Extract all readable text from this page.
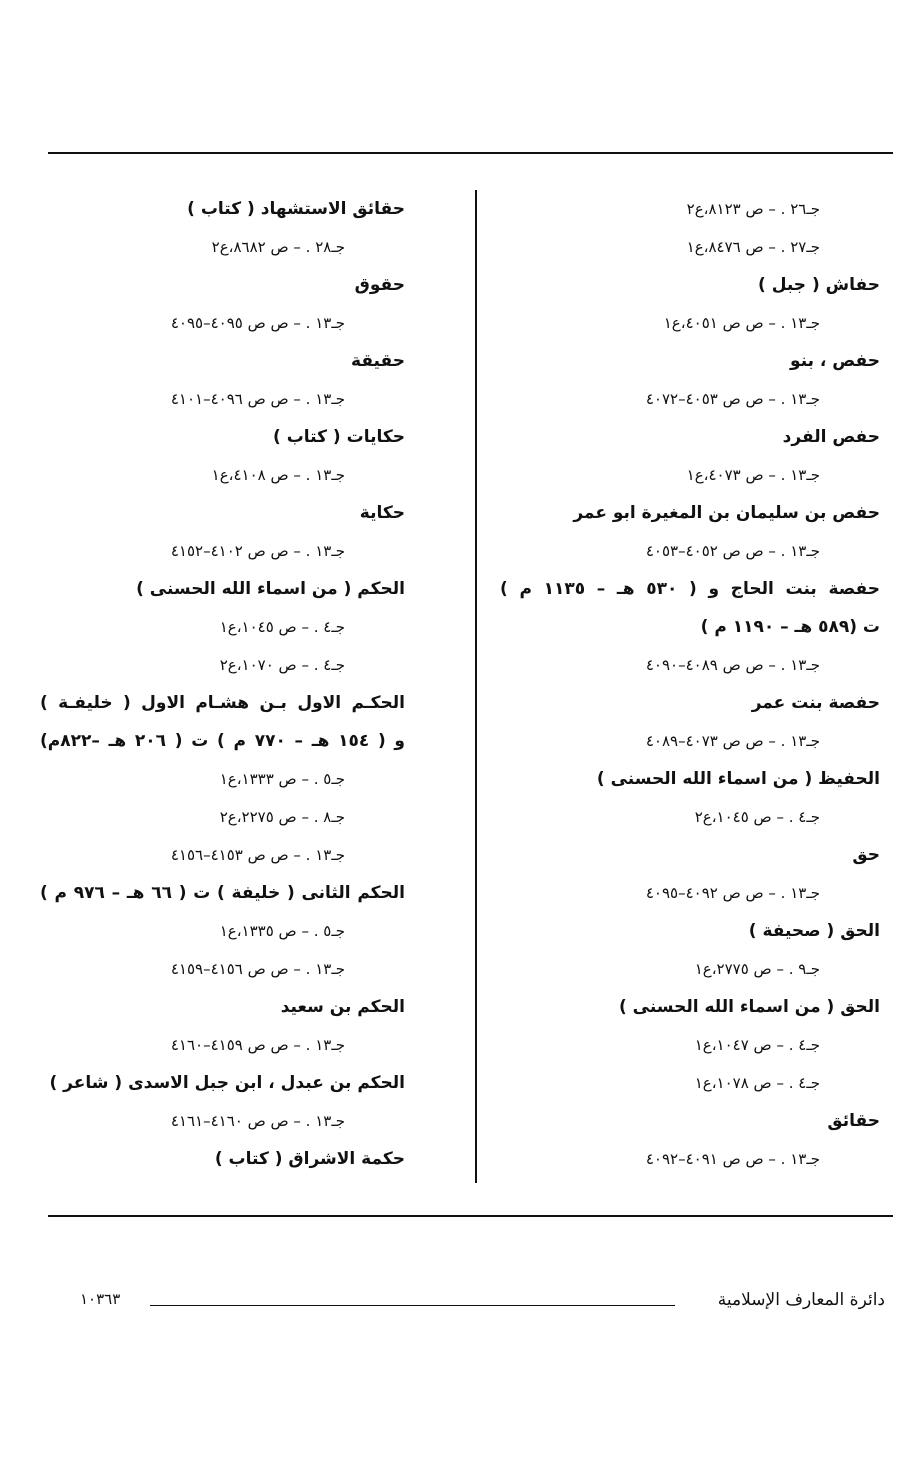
جـ٢٦ . – ص ٨١٢٣،ع٢
جـ٢٧ . – ص ٨٤٧٦،ع١
حفاش ( جبل )
جـ١٣ . – ص ص ٤٠٥١،ع١
حفص ، بنو
جـ١٣ . – ص ص ٤٠٥٣–٤٠٧٢
حفص الفرد
جـ١٣ . – ص ٤٠٧٣،ع١
حفص بن سليمان بن المغيرة ابو عمر
جـ١٣ . – ص ص ٤٠٥٢–٤٠٥٣
حفصة بنت الحاج و ( ٥٣٠ هـ – ١١٣٥ م )
ت (٥٨٩ هـ – ١١٩٠ م )
جـ١٣ . – ص ص ٤٠٨٩–٤٠٩٠
حفصة بنت عمر
جـ١٣ . – ص ص ٤٠٧٣–٤٠٨٩
الحفيظ ( من اسماء الله الحسنى )
جـ٤ . – ص ١٠٤٥،ع٢
حق
جـ١٣ . – ص ص ٤٠٩٢–٤٠٩٥
الحق ( صحيفة )
جـ٩ . – ص ٢٧٧٥،ع١
الحق ( من اسماء الله الحسنى )
جـ٤ . – ص ١٠٤٧،ع١
جـ٤ . – ص ١٠٧٨،ع١
حقائق
جـ١٣ . – ص ص ٤٠٩١–٤٠٩٢
حقائق الاستشهاد ( كتاب )
جـ٢٨ . – ص ٨٦٨٢،ع٢
حقوق
جـ١٣ . – ص ص ٤٠٩٥–٤٠٩٥
حقيقة
جـ١٣ . – ص ص ٤٠٩٦–٤١٠١
حكايات ( كتاب )
جـ١٣ . – ص ٤١٠٨،ع١
حكاية
جـ١٣ . – ص ص ٤١٠٢–٤١٥٢
الحكم ( من اسماء الله الحسنى )
جـ٤ . – ص ١٠٤٥،ع١
جـ٤ . – ص ١٠٧٠،ع٢
الحكـم الاول بـن هشـام الاول ( خليفـة )
و ( ١٥٤ هـ – ٧٧٠ م ) ت ( ٢٠٦ هـ –٨٢٢م)
جـ٥ . – ص ١٣٣٣،ع١
جـ٨ . – ص ٢٢٧٥،ع٢
جـ١٣ . – ص ص ٤١٥٣–٤١٥٦
الحكم الثانى ( خليفة ) ت ( ٦٦ هـ – ٩٧٦ م )
جـ٥ . – ص ١٣٣٥،ع١
جـ١٣ . – ص ص ٤١٥٦–٤١٥٩
الحكم بن سعيد
جـ١٣ . – ص ص ٤١٥٩–٤١٦٠
الحكم بن عبدل ، ابن جبل الاسدى ( شاعر )
جـ١٣ . – ص ص ٤١٦٠–٤١٦١
حكمة الاشراق ( كتاب )
دائرة المعارف الإسلامية
١٠٣٦٣
